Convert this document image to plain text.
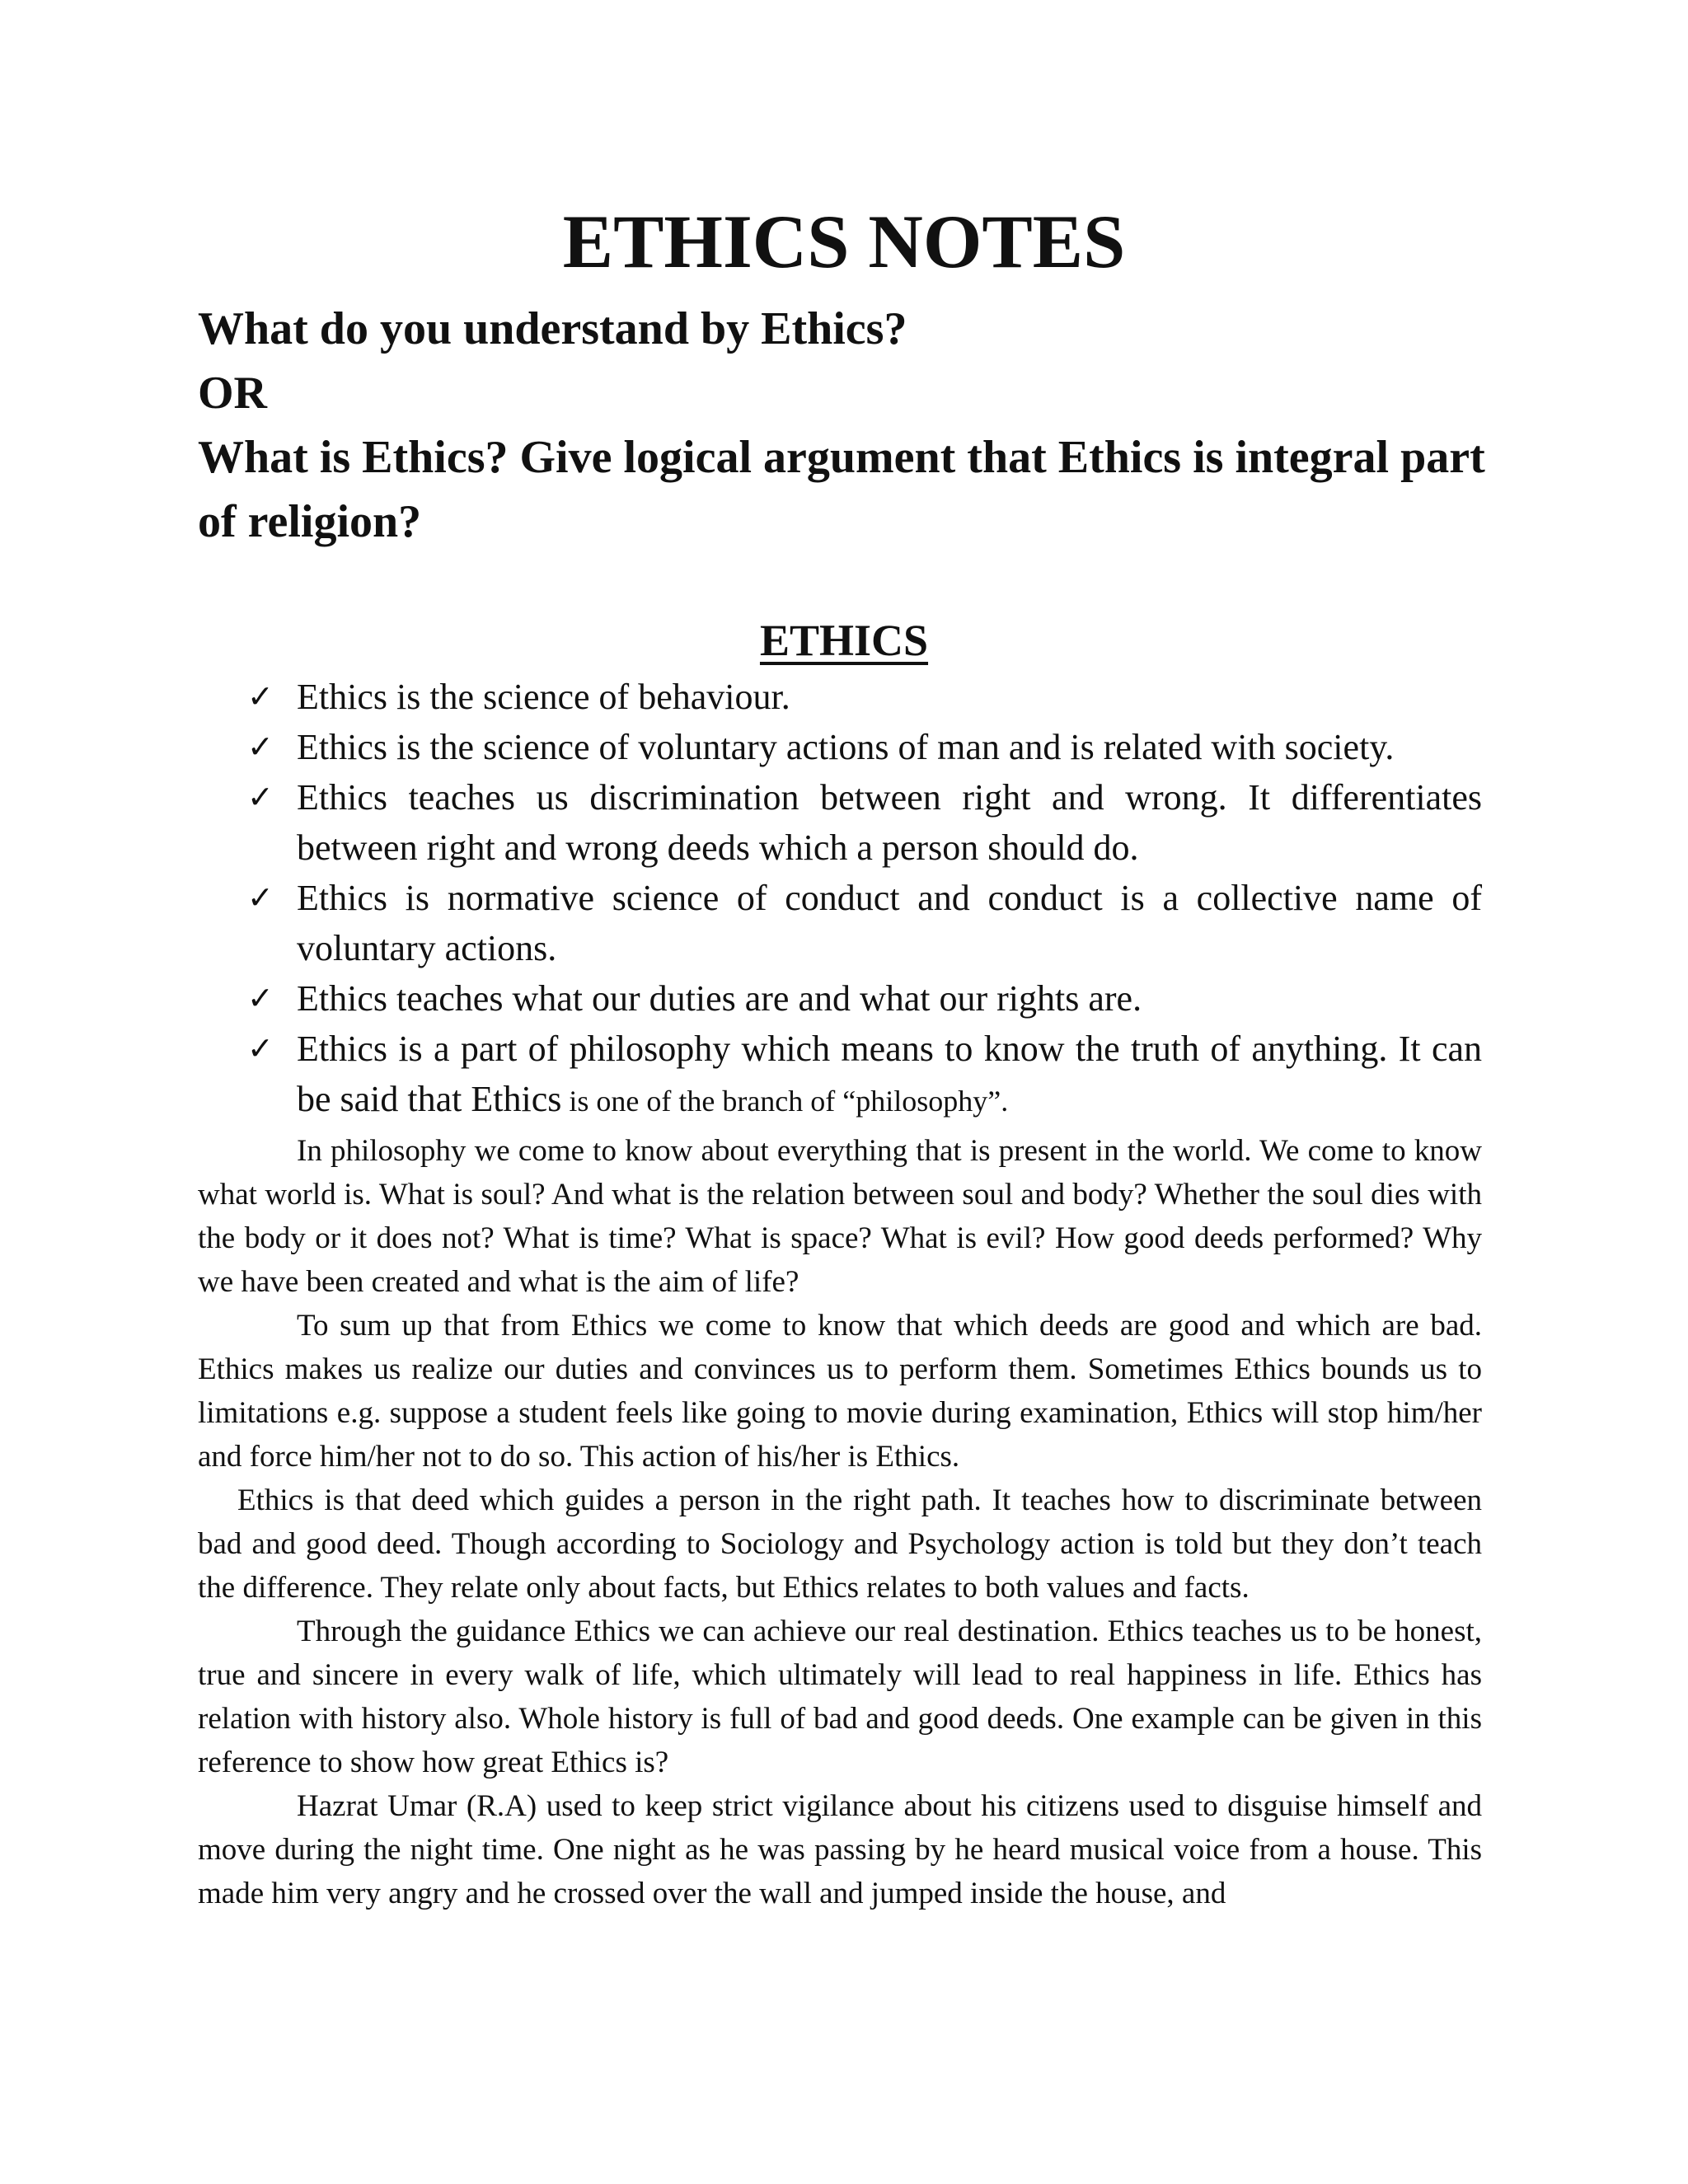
ETHICS NOTES

What do you understand by Ethics?

OR

What is Ethics? Give logical argument that Ethics is integral part of religion?

ETHICS
✓ Ethics is the science of behaviour.
✓ Ethics is the science of voluntary actions of man and is related with society.
✓ Ethics teaches us discrimination between right and wrong. It differentiates between right and wrong deeds which a person should do.
✓ Ethics is normative science of conduct and conduct is a collective name of voluntary actions.
✓ Ethics teaches what our duties are and what our rights are.
✓ Ethics is a part of philosophy which means to know the truth of anything. It can be said that Ethics is one of the branch of “philosophy”.

In philosophy we come to know about everything that is present in the world. We come to know what world is. What is soul? And what is the relation between soul and body? Whether the soul dies with the body or it does not? What is time? What is space? What is evil? How good deeds performed? Why we have been created and what is the aim of life?

To sum up that from Ethics we come to know that which deeds are good and which are bad. Ethics makes us realize our duties and convinces us to perform them. Sometimes Ethics bounds us to limitations e.g. suppose a student feels like going to movie during examination, Ethics will stop him/her and force him/her not to do so. This action of his/her is Ethics.

Ethics is that deed which guides a person in the right path. It teaches how to discriminate between bad and good deed. Though according to Sociology and Psychology action is told but they don’t teach the difference. They relate only about facts, but Ethics relates to both values and facts.

Through the guidance Ethics we can achieve our real destination. Ethics teaches us to be honest, true and sincere in every walk of life, which ultimately will lead to real happiness in life. Ethics has relation with history also. Whole history is full of bad and good deeds. One example can be given in this reference to show how great Ethics is?

Hazrat Umar (R.A) used to keep strict vigilance about his citizens used to disguise himself and move during the night time. One night as he was passing by he heard musical voice from a house. This made him very angry and he crossed over the wall and jumped inside the house, and
